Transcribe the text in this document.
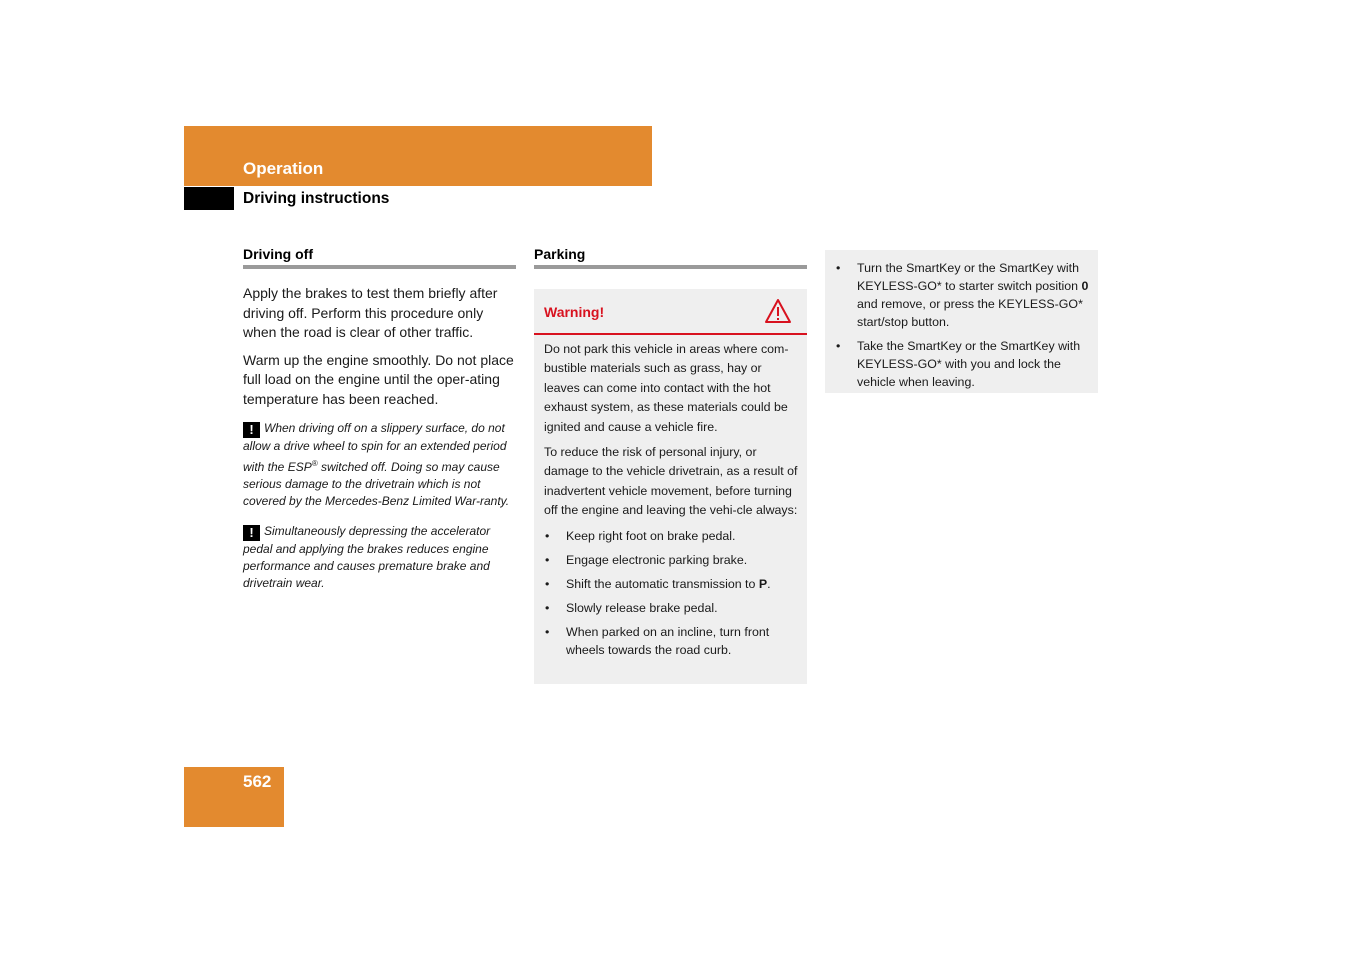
Operation
Driving instructions
Driving off

Apply the brakes to test them briefly after driving off. Perform this procedure only when the road is clear of other traffic.

Warm up the engine smoothly. Do not place full load on the engine until the oper-ating temperature has been reached.

! When driving off on a slippery surface, do not allow a drive wheel to spin for an extended period with the ESP® switched off. Doing so may cause serious damage to the drivetrain which is not covered by the Mercedes-Benz Limited War-ranty.

! Simultaneously depressing the accelerator pedal and applying the brakes reduces engine performance and causes premature brake and drivetrain wear.

Parking
Warning!

Do not park this vehicle in areas where com-bustible materials such as grass, hay or leaves can come into contact with the hot exhaust system, as these materials could be ignited and cause a vehicle fire.

To reduce the risk of personal injury, or damage to the vehicle drivetrain, as a result of inadvertent vehicle movement, before turning off the engine and leaving the vehi-cle always:

• Keep right foot on brake pedal.
• Engage electronic parking brake.
• Shift the automatic transmission to P.
• Slowly release brake pedal.
• When parked on an incline, turn front wheels towards the road curb.
• Turn the SmartKey or the SmartKey with KEYLESS-GO* to starter switch position 0 and remove, or press the KEYLESS-GO* start/stop button.
• Take the SmartKey or the SmartKey with KEYLESS-GO* with you and lock the vehicle when leaving.
562
